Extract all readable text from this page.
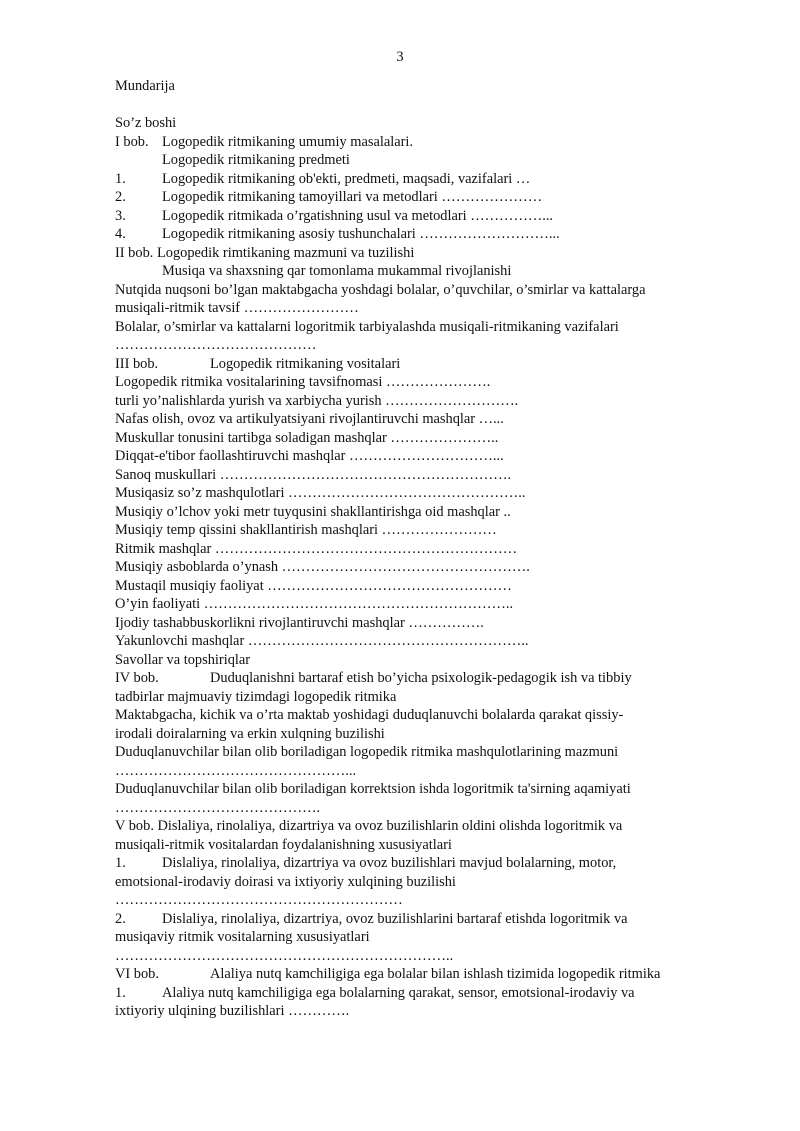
3
Mundarija
So’z boshi
I bob. Logopedik ritmikaning umumiy masalalari.
Logopedik ritmikaning predmeti
1.	Logopedik ritmikaning ob'ekti, predmeti, maqsadi, vazifalari …
2.	Logopedik ritmikaning tamoyillari va metodlari …………………
3.	Logopedik ritmikada o’rgatishning usul va metodlari ……………...
4.	Logopedik ritmikaning asosiy tushunchalari ………………………...
II bob. Logopedik rimtikaning mazmuni va tuzilishi
Musiqa va shaxsning qar tomonlama mukammal rivojlanishi
Nutqida nuqsoni bo’lgan maktabgacha yoshdagi bolalar, o’quvchilar, o’smirlar va kattalarga
musiqali-ritmik tavsif ……………………
Bolalar, o’smirlar va kattalarni logoritmik tarbiyalashda musiqali-ritmikaning vazifalari
……………………………………
III bob.	Logopedik ritmikaning vositalari
Logopedik ritmika vositalarining tavsifnomasi ………………….
turli yo’nalishlarda yurish va xarbiycha yurish ……………………….
Nafas olish, ovoz va artikulyatsiyani rivojlantiruvchi mashqlar …...
Muskullar tonusini tartibga soladigan mashqlar …………………..
Diqqat-e'tibor faollashtiruvchi mashqlar …………………………...
Sanoq muskullari …………………………………………………….
Musiqasiz so’z mashqulotlari …………………………………………..
Musiqiy o’lchov yoki metr tuyqusini shakllantirishga oid mashqlar ..
Musiqiy temp qissini shakllantirish mashqlari ……………………
Ritmik mashqlar ………………………………………………………
Musiqiy asboblarda o’ynash …………………………………………….
Mustaqil musiqiy faoliyat ……………………………………………
O’yin faoliyati ………………………………………………………..
Ijodiy tashabbuskorlikni rivojlantiruvchi mashqlar …………….
Yakunlovchi mashqlar …………………………………………………..
Savollar va topshiriqlar
IV bob.	Duduqlanishni bartaraf etish bo’yicha psixologik-pedagogik ish va tibbiy
tadbirlar majmuaviy tizimdagi logopedik ritmika
Maktabgacha, kichik va o’rta maktab yoshidagi duduqlanuvchi bolalarda qarakat qissiy-
irodali doiralarning va erkin xulqning buzilishi
Duduqlanuvchilar bilan olib boriladigan logopedik ritmika mashqulotlarining mazmuni
…………………………………………...
Duduqlanuvchilar bilan olib boriladigan korrektsion ishda logoritmik ta'sirning aqamiyati
…………………………………….
V bob. Dislaliya, rinolaliya, dizartriya va ovoz buzilishlarin oldini olishda logoritmik va
musiqali-ritmik vositalardan foydalanishning xususiyatlari
1.	Dislaliya, rinolaliya, dizartriya va ovoz buzilishlari mavjud bolalarning, motor,
emotsional-irodaviy doirasi va ixtiyoriy xulqining buzilishi
……………………………………………………
2.	Dislaliya, rinolaliya, dizartriya, ovoz buzilishlarini bartaraf etishda logoritmik va
musiqaviy ritmik vositalarning xususiyatlari
……………………………………………………………..
VI bob.	Alaliya nutq kamchiligiga ega bolalar bilan ishlash tizimida logopedik ritmika
1.	Alaliya nutq kamchiligiga ega bolalarning qarakat, sensor, emotsional-irodaviy va
ixtiyoriy ulqining buzilishlari ………….
